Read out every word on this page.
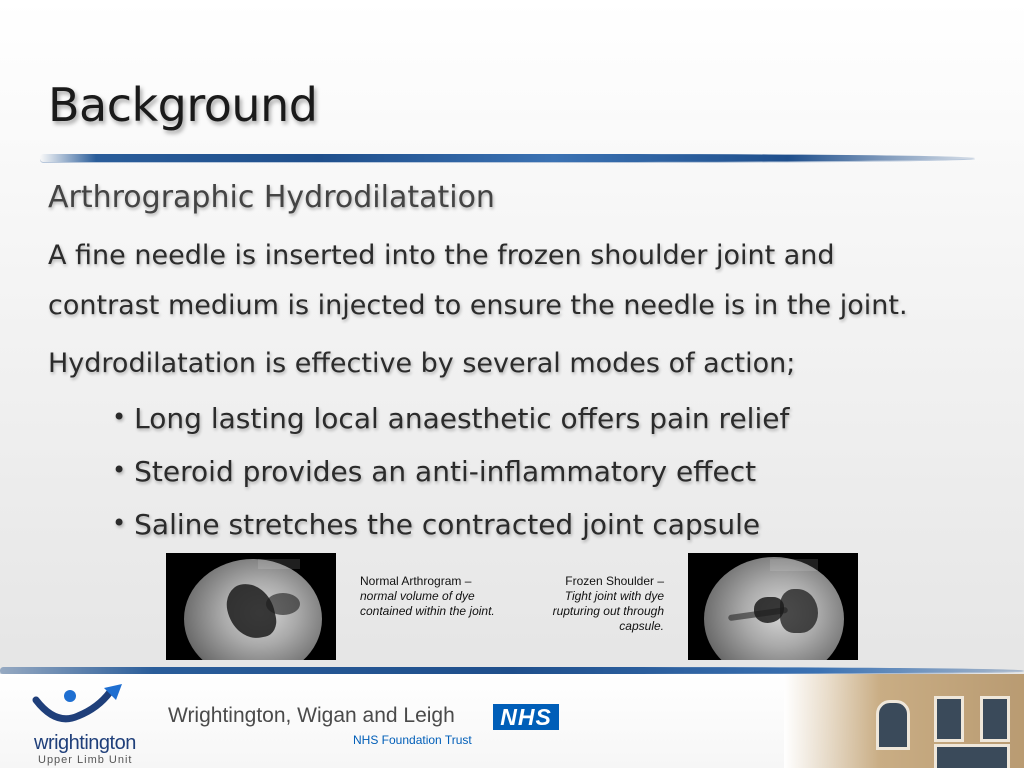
Background
Arthrographic Hydrodilatation
A fine needle is inserted into the frozen shoulder joint and
contrast medium is injected to ensure the needle is in the joint.
Hydrodilatation is effective by several modes of action;
• Long lasting local anaesthetic offers pain relief
• Steroid provides an anti-inflammatory effect
• Saline stretches the contracted joint capsule
Normal Arthrogram –
normal volume of dye contained within the joint.
Frozen Shoulder –
Tight joint with dye rupturing out through capsule.
wrightington
Upper Limb Unit
Wrightington, Wigan and Leigh	NHS
NHS Foundation Trust
